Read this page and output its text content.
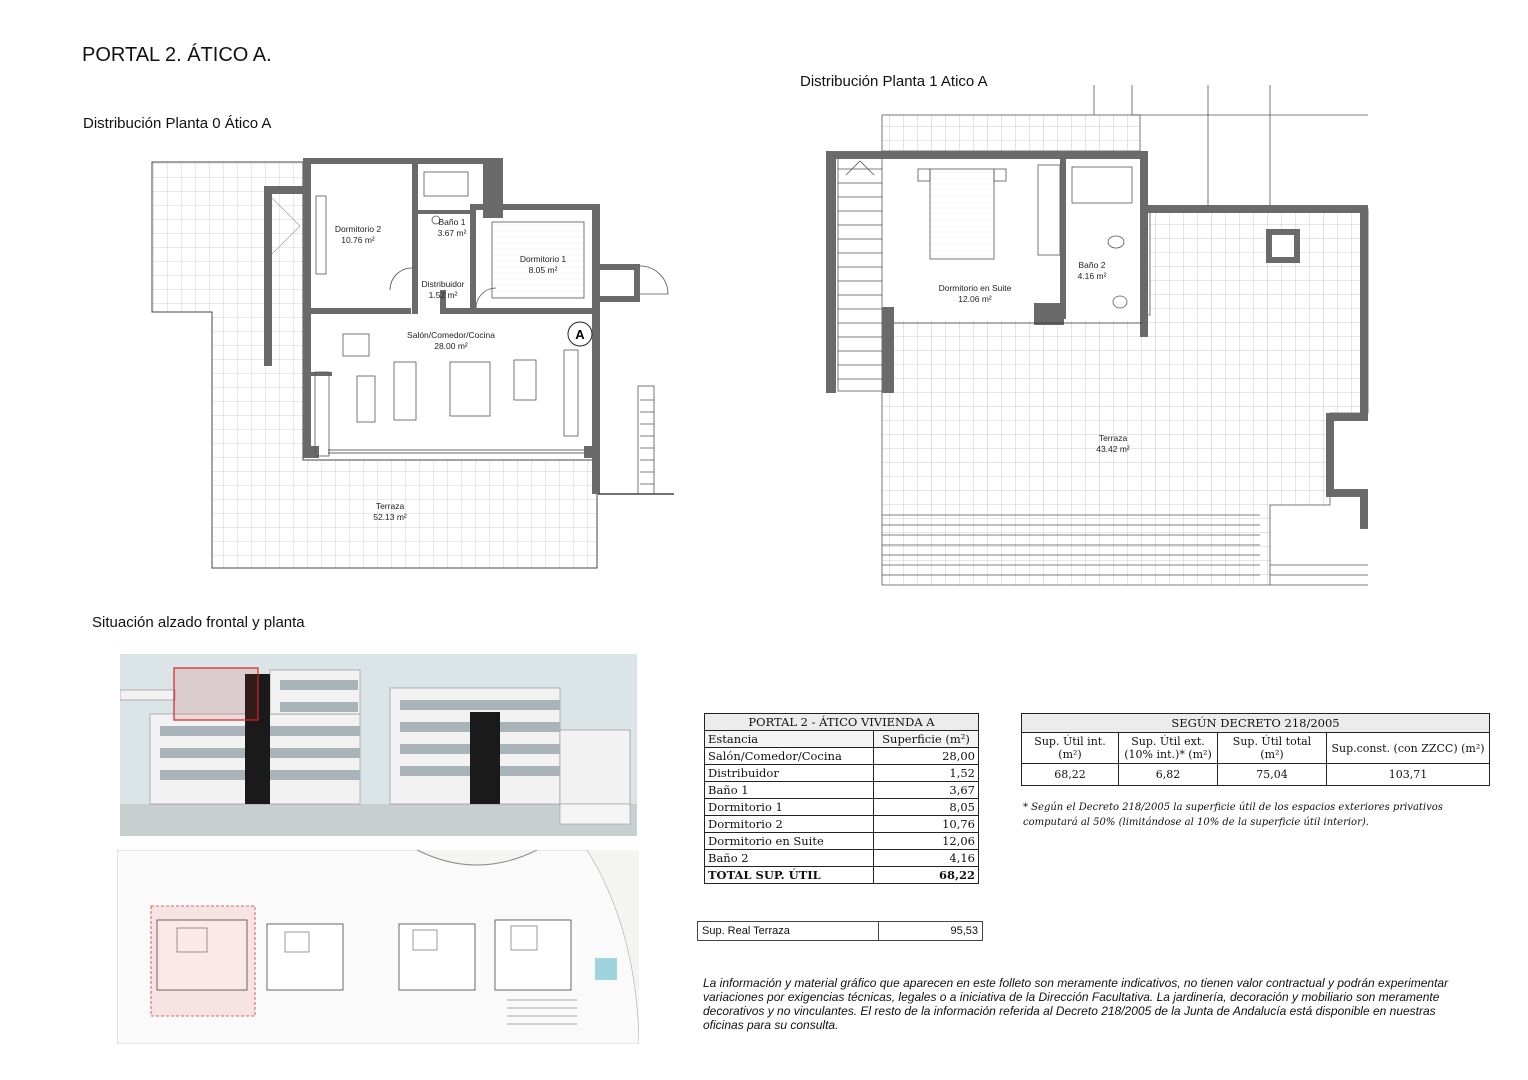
PORTAL 2. ÁTICO A.
Distribución Planta 0 Ático A
A
Dormitorio 2
10.76 m²
Baño 1
3.67 m²
Dormitorio 1
8.05 m²
Distribuidor
1.52 m²
Salón/Comedor/Cocina
28.00 m²
Terraza
52.13 m²
Distribución Planta 1 Atico A
Dormitorio en Suite
12.06 m²
Baño 2
4.16 m²
Terraza
43.42 m²
Situación alzado frontal y planta
PORTAL 2 - ÁTICO VIVIENDA A	
Estancia	Superficie (m²)
Salón/Comedor/Cocina	28,00
Distribuidor	1,52
Baño 1	3,67
Dormitorio 1	8,05
Dormitorio 2	10,76
Dormitorio en Suite	12,06
Baño 2	4,16
TOTAL SUP. ÚTIL	68,22
Sup. Real Terraza	95,53
SEGÚN DECRETO 218/2005			
Sup. Útil int. (m²)	Sup. Útil ext. (10% int.)* (m²)	Sup. Útil total (m²)	Sup.const. (con ZZCC) (m²)
68,22	6,82	75,04	103,71
* Según el Decreto 218/2005 la superficie útil de los espacios exteriores privativos computará al 50% (limitándose al 10% de la superficie útil interior).
La información y material gráfico que aparecen en este folleto son meramente indicativos, no tienen valor contractual y podrán experimentar variaciones por exigencias técnicas, legales o a iniciativa de la Dirección Facultativa. La jardinería, decoración y mobiliario son meramente decorativos y no vinculantes. El resto de la información referida al Decreto 218/2005 de la Junta de Andalucía está disponible en nuestras oficinas para su consulta.
